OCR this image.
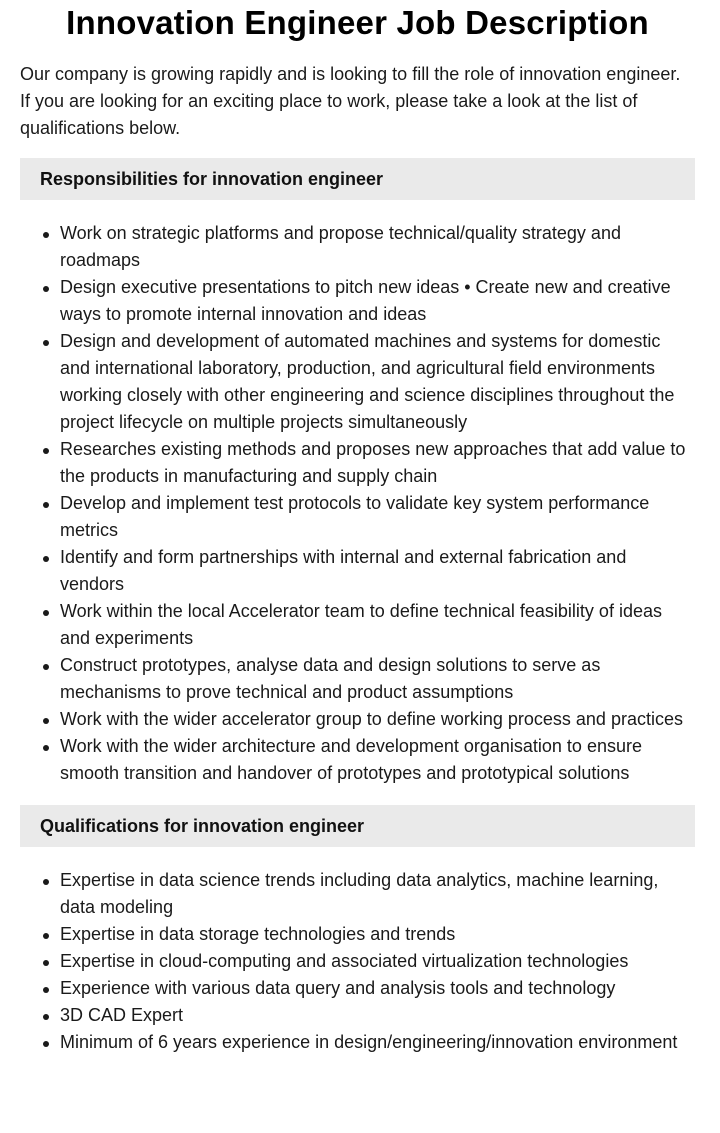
Innovation Engineer Job Description

Our company is growing rapidly and is looking to fill the role of innovation engineer. If you are looking for an exciting place to work, please take a look at the list of qualifications below.

Responsibilities for innovation engineer
Work on strategic platforms and propose technical/quality strategy and roadmaps
Design executive presentations to pitch new ideas • Create new and creative ways to promote internal innovation and ideas
Design and development of automated machines and systems for domestic and international laboratory, production, and agricultural field environments working closely with other engineering and science disciplines throughout the project lifecycle on multiple projects simultaneously
Researches existing methods and proposes new approaches that add value to the products in manufacturing and supply chain
Develop and implement test protocols to validate key system performance metrics
Identify and form partnerships with internal and external fabrication and vendors
Work within the local Accelerator team to define technical feasibility of ideas and experiments
Construct prototypes, analyse data and design solutions to serve as mechanisms to prove technical and product assumptions
Work with the wider accelerator group to define working process and practices
Work with the wider architecture and development organisation to ensure smooth transition and handover of prototypes and prototypical solutions
Qualifications for innovation engineer
Expertise in data science trends including data analytics, machine learning, data modeling
Expertise in data storage technologies and trends
Expertise in cloud-computing and associated virtualization technologies
Experience with various data query and analysis tools and technology
3D CAD Expert
Minimum of 6 years experience in design/engineering/innovation environment
